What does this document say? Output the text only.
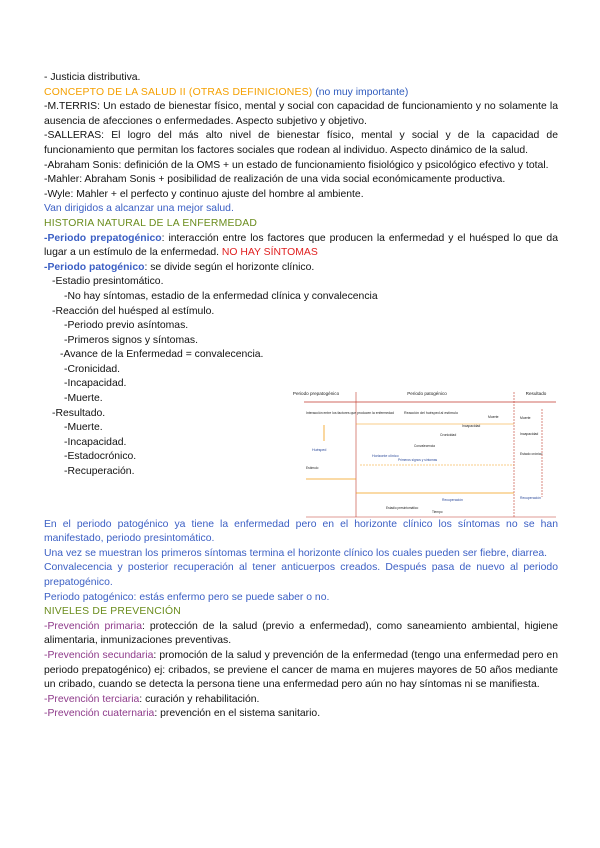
- Justicia distributiva.

CONCEPTO DE LA SALUD II (OTRAS DEFINICIONES) (no muy importante)

-M.TERRIS: Un estado de bienestar físico, mental y social con capacidad de funcionamiento y no solamente la ausencia de afecciones o enfermedades. Aspecto subjetivo y objetivo.

-SALLERAS: El logro del más alto nivel de bienestar físico, mental y social y de la capacidad de funcionamiento que permitan los factores sociales que rodean al individuo. Aspecto dinámico de la salud.

-Abraham Sonis: definición de la OMS + un estado de funcionamiento fisiológico y psicológico efectivo y total.

-Mahler: Abraham Sonis + posibilidad de realización de una vida social económicamente productiva.

-Wyle: Mahler + el perfecto y continuo ajuste del hombre al ambiente.

Van dirigidos a alcanzar una mejor salud.

HISTORIA NATURAL DE LA ENFERMEDAD

-Periodo prepatogénico: interacción entre los factores que producen la enfermedad y el huésped lo que da lugar a un estímulo de la enfermedad. NO HAY SÍNTOMAS

-Periodo patogénico: se divide según el horizonte clínico.

-Estadio presintomático.

-No hay síntomas, estadio de la enfermedad clínica y convalecencia

-Reacción del huésped al estímulo.

-Periodo previo asíntomas.

-Primeros signos y síntomas.

-Avance de la Enfermedad = convalecencia.

-Cronicidad.

-Incapacidad.

-Muerte.

-Resultado.

-Muerte.

-Incapacidad.

-Estadocrónico.

-Recuperación.

En el periodo patogénico ya tiene la enfermedad pero en el horizonte clínico los síntomas no se han manifestado, periodo presintomático.

Una vez se muestran los primeros síntomas termina el horizonte clínico los cuales pueden ser fiebre, diarrea.

Convalecencia y posterior recuperación al tener anticuerpos creados. Después pasa de nuevo al periodo prepatogénico.

Periodo patogénico: estás enfermo pero se puede saber o no.

NIVELES DE PREVENCIÓN

-Prevención primaria: protección de la salud (previo a enfermedad), como saneamiento ambiental, higiene alimentaria, inmunizaciones preventivas.

-Prevención secundaria: promoción de la salud y prevención de la enfermedad (tengo una enfermedad pero en periodo prepatogénico) ej: cribados, se previene el cancer de mama en mujeres mayores de 50 años mediante un cribado, cuando se detecta la persona tiene una enfermedad pero aún no hay síntomas ni se manifiesta.

-Prevención terciaria: curación y rehabilitación.

-Prevención cuaternaria: prevención en el sistema sanitario.

Periodo prepatogénico	Periodo patogénico	Resultado
Interacción entre los factores que producen la enfermedad
Huésped
Estímulo
Reacción del huésped al estímulo
Horizonte clínico
Primeros signos y síntomas
Convalecencia
Cronicidad
Incapacidad
Muerte
Recuperación
Estadio presintomático
Tiempo
Muerte
Incapacidad
Estado crónico
Recuperación
